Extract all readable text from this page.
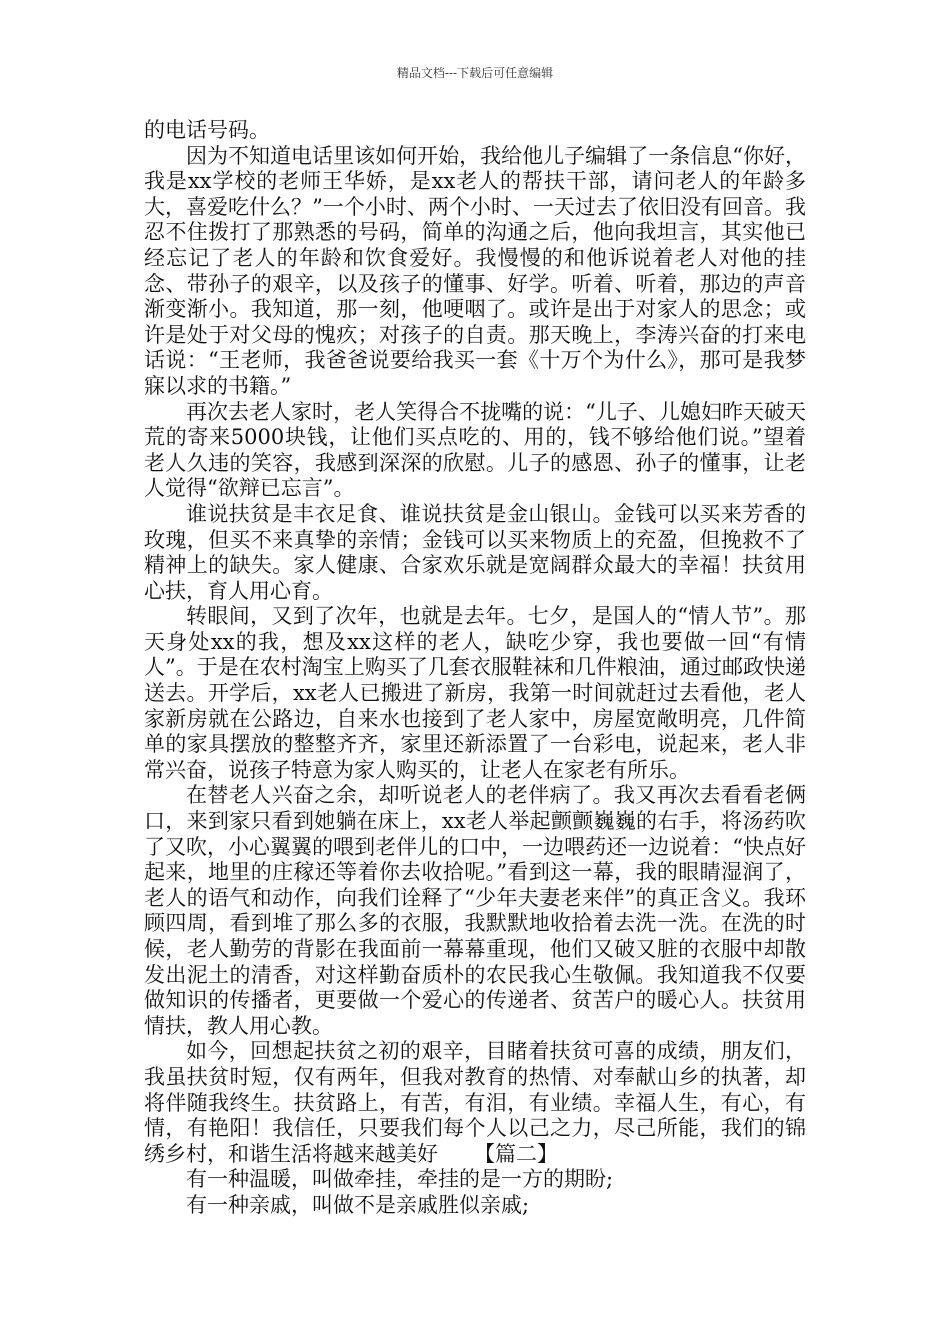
精品文档---下载后可任意编辑

的电话号码。

因为不知道电话里该如何开始，我给他儿子编辑了一条信息“你好，我是xx学校的老师王华娇，是xx老人的帮扶干部，请问老人的年龄多大，喜爱吃什么？”一个小时、两个小时、一天过去了依旧没有回音。我忍不住拨打了那熟悉的号码，简单的沟通之后，他向我坦言，其实他已经忘记了老人的年龄和饮食爱好。我慢慢的和他诉说着老人对他的挂念、带孙子的艰辛，以及孩子的懂事、好学。听着、听着，那边的声音渐变渐小。我知道，那一刻，他哽咽了。或许是出于对家人的思念；或许是处于对父母的愧疚；对孩子的自责。那天晚上，李涛兴奋的打来电话说：“王老师，我爸爸说要给我买一套《十万个为什么》，那可是我梦寐以求的书籍。”

再次去老人家时，老人笑得合不拢嘴的说：“儿子、儿媳妇昨天破天荒的寄来5000块钱，让他们买点吃的、用的，钱不够给他们说。”望着老人久违的笑容，我感到深深的欣慰。儿子的感恩、孙子的懂事，让老人觉得“欲辩已忘言”。

谁说扶贫是丰衣足食、谁说扶贫是金山银山。金钱可以买来芳香的玫瑰，但买不来真挚的亲情；金钱可以买来物质上的充盈，但挽救不了精神上的缺失。家人健康、合家欢乐就是宽阔群众最大的幸福！扶贫用心扶，育人用心育。

转眼间，又到了次年，也就是去年。七夕，是国人的“情人节”。那天身处xx的我，想及xx这样的老人，缺吃少穿，我也要做一回“有情人”。于是在农村淘宝上购买了几套衣服鞋袜和几件粮油，通过邮政快递送去。开学后，xx老人已搬进了新房，我第一时间就赶过去看他，老人家新房就在公路边，自来水也接到了老人家中，房屋宽敞明亮，几件简单的家具摆放的整整齐齐，家里还新添置了一台彩电，说起来，老人非常兴奋，说孩子特意为家人购买的，让老人在家老有所乐。

在替老人兴奋之余，却听说老人的老伴病了。我又再次去看看老俩口，来到家只看到她躺在床上，xx老人举起颤颤巍巍的右手，将汤药吹了又吹，小心翼翼的喂到老伴儿的口中，一边喂药还一边说着：“快点好起来，地里的庄稼还等着你去收拾呢。”看到这一幕，我的眼睛湿润了，老人的语气和动作，向我们诠释了“少年夫妻老来伴”的真正含义。我环顾四周，看到堆了那么多的衣服，我默默地收拾着去洗一洗。在洗的时候，老人勤劳的背影在我面前一幕幕重现，他们又破又脏的衣服中却散发出泥土的清香，对这样勤奋质朴的农民我心生敬佩。我知道我不仅要做知识的传播者，更要做一个爱心的传递者、贫苦户的暖心人。扶贫用情扶，教人用心教。

如今，回想起扶贫之初的艰辛，目睹着扶贫可喜的成绩，朋友们，我虽扶贫时短，仅有两年，但我对教育的热情、对奉献山乡的执著，却将伴随我终生。扶贫路上，有苦，有泪，有业绩。幸福人生，有心，有情，有艳阳！我信任，只要我们每个人以己之力，尽己所能，我们的锦绣乡村，和谐生活将越来越美好 【篇二】

有一种温暖，叫做牵挂，牵挂的是一方的期盼;

有一种亲戚，叫做不是亲戚胜似亲戚;
